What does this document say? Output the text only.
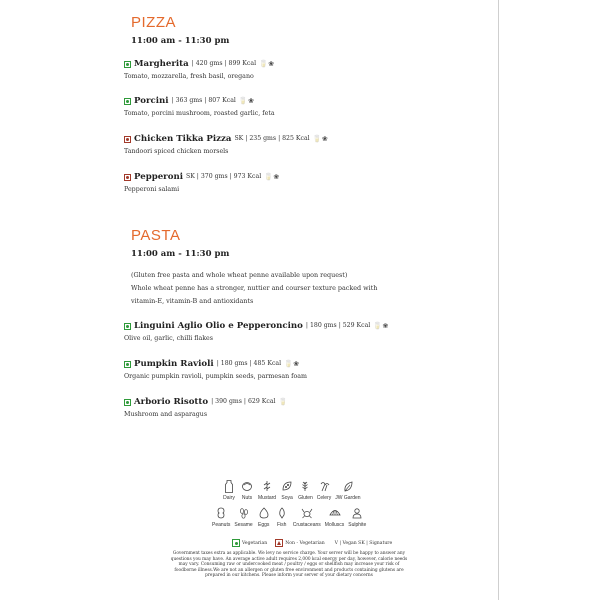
PIZZA
11:00 am - 11:30 pm
Margherita | 420 gms | 899 Kcal 🥛❀
Tomato, mozzarella, fresh basil, oregano
Porcini | 363 gms | 807 Kcal 🥛❀
Tomato, porcini mushroom, roasted garlic, feta
Chicken Tikka Pizza SK | 235 gms | 825 Kcal 🥛❀
Tandoori spiced chicken morsels
Pepperoni SK | 370 gms | 973 Kcal 🥛❀
Pepperoni salami
PASTA
11:00 am - 11:30 pm
(Gluten free pasta and whole wheat penne available upon request)
Whole wheat penne has a stronger, nuttier and courser texture packed with
vitamin-E, vitamin-B and antioxidants
Linguini Aglio Olio e Pepperoncino | 180 gms | 529 Kcal 🥛❀
Olive oil, garlic, chilli flakes
Pumpkin Ravioli | 180 gms | 485 Kcal 🥛❀
Organic pumpkin ravioli, pumpkin seeds, parmesan foam
Arborio Risotto | 390 gms | 629 Kcal 🥛
Mushroom and asparagus
Dairy Nuts Mustard Soya Gluten Celery JW Garden
Peanuts Sesame Eggs Fish Crustaceans Molluscs Sulphite
Vegetarian	Non - Vegetarian V | Vegan SK | Signature
Government taxes extra as applicable. We levy no service charge. Your server will be happy to answer any questions you may have. An average active adult requires 2,000 kcal energy per day, however, calorie needs may vary. Consuming raw or undercooked meat / poultry / eggs or shellfish may increase your risk of foodborne illness.We are not an allergen or gluten free environment and products containing glutens are prepared in our kitchens. Please inform your server of your dietary concerns
